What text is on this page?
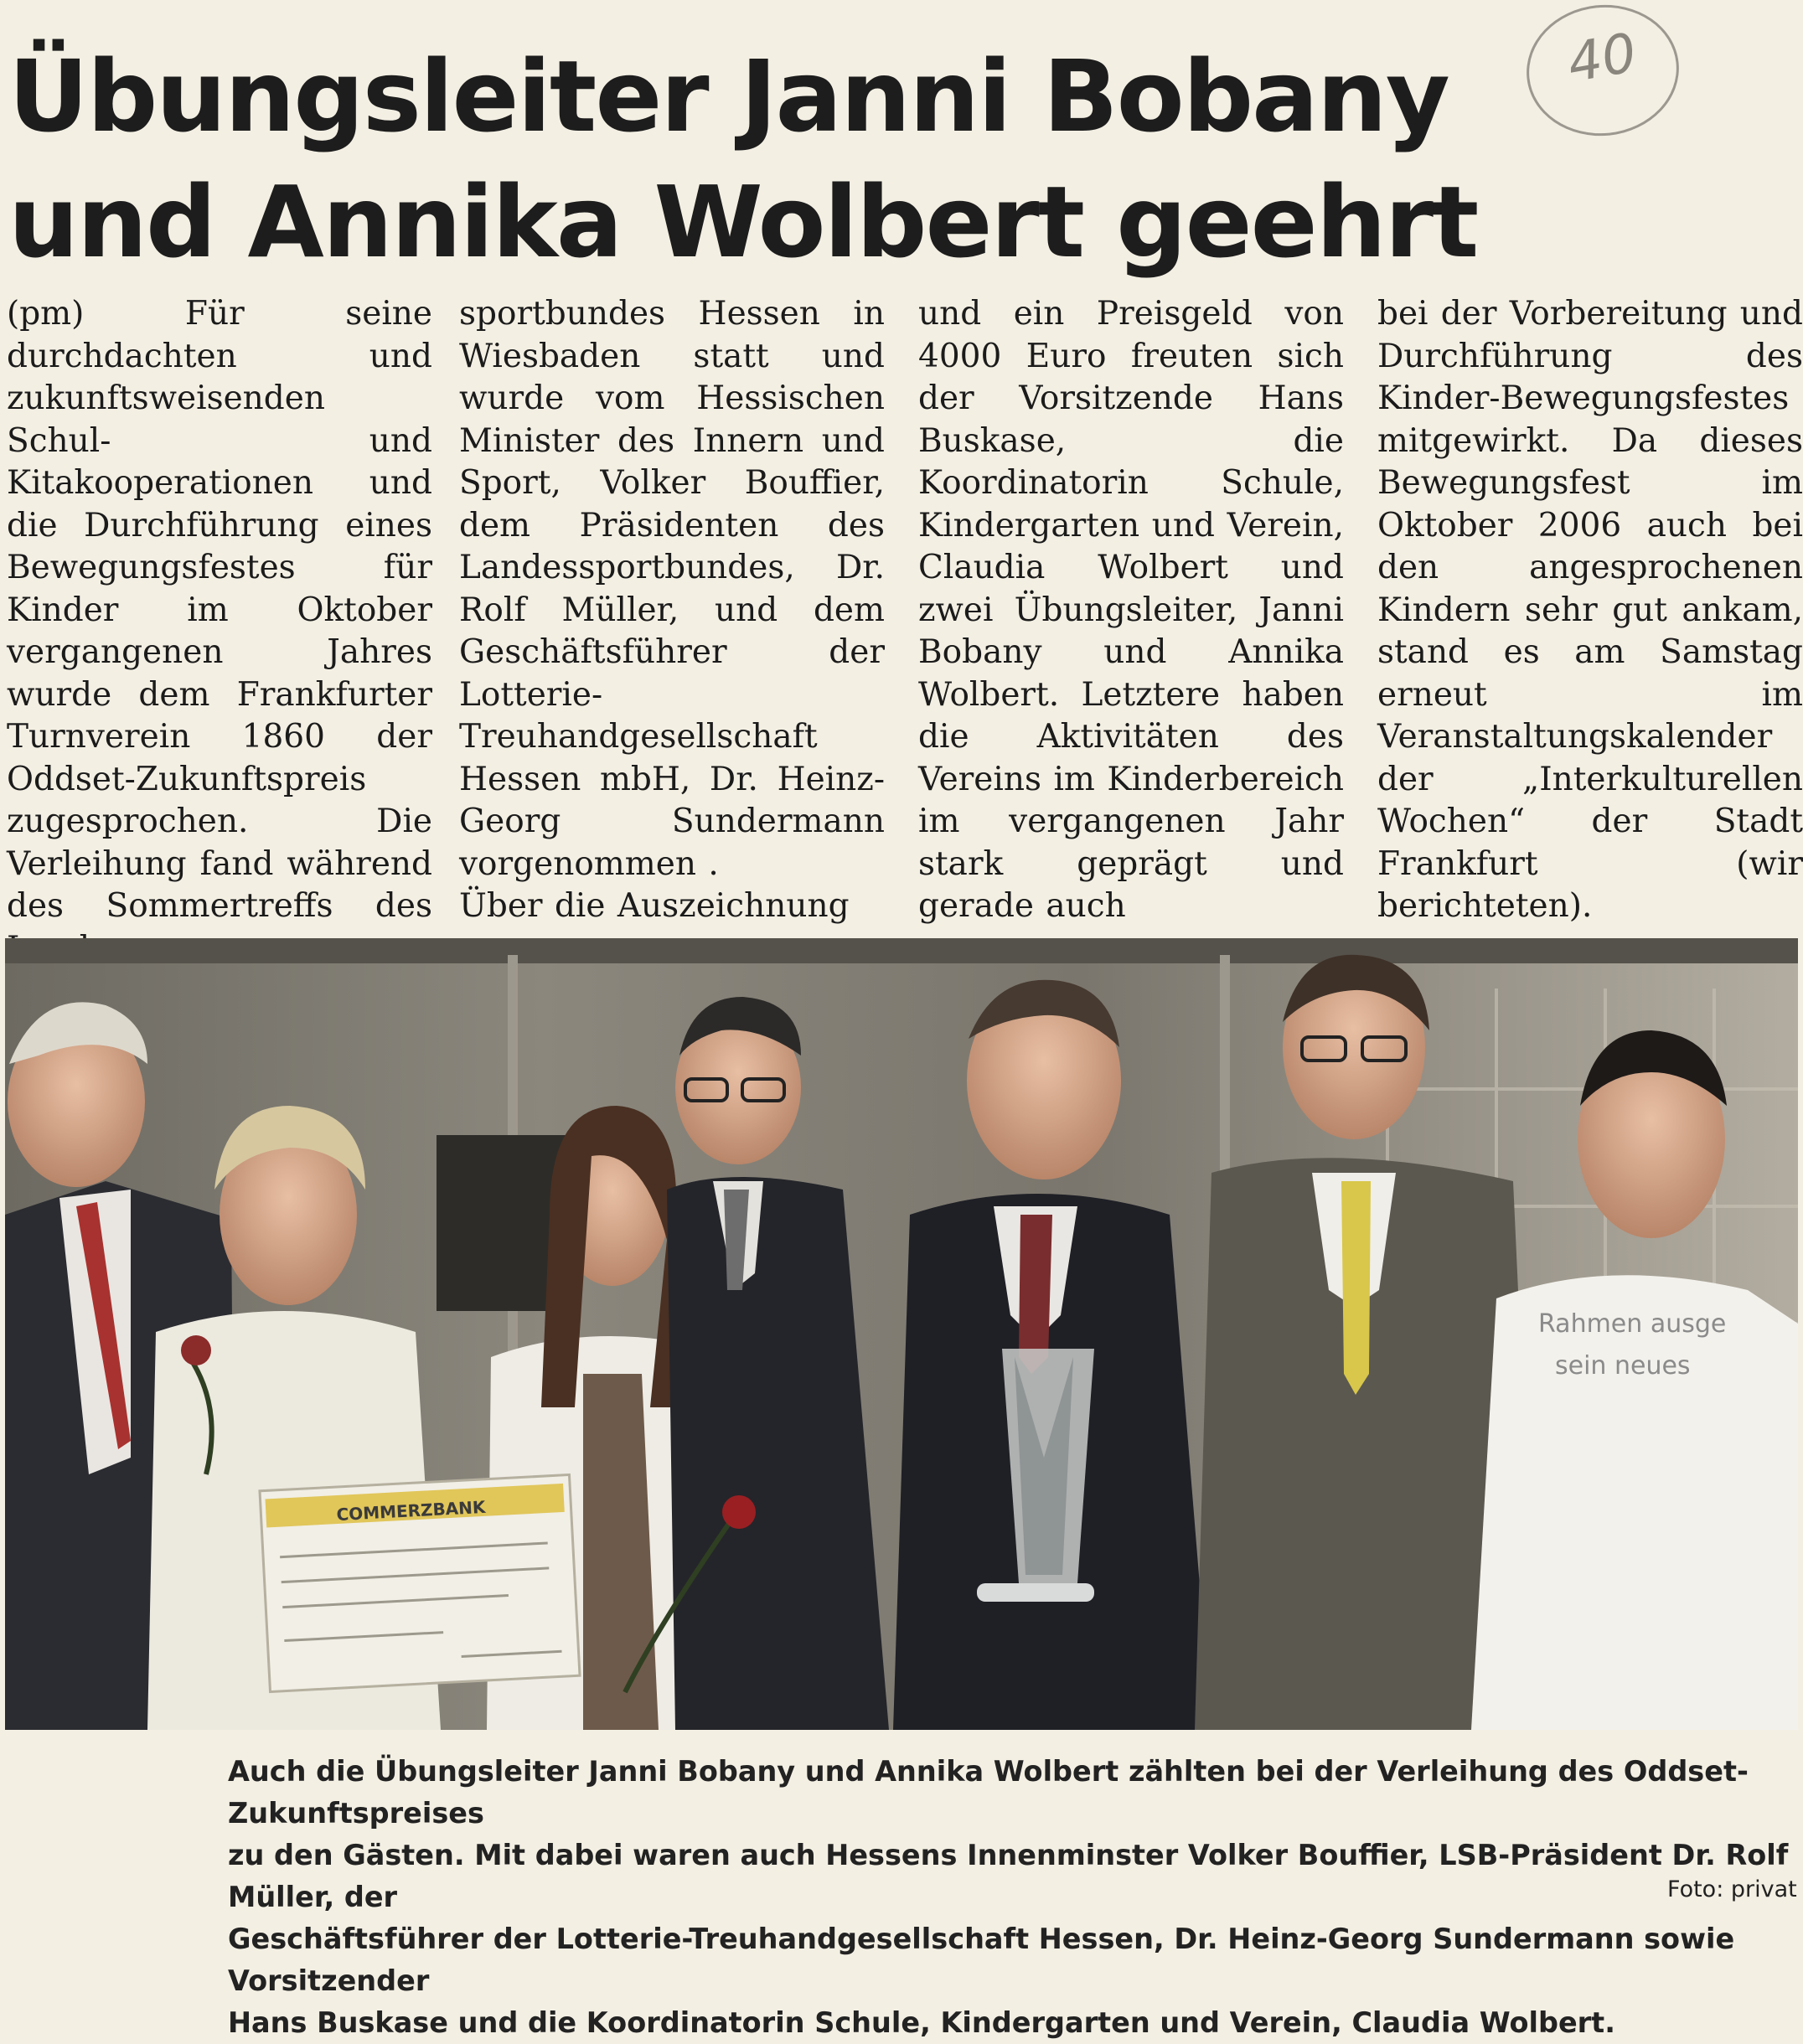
40
Übungsleiter Janni Bobany
und Annika Wolbert geehrt

(pm) Für seine durchdachten und zukunftsweisenden Schul- und Kitakooperationen und die Durchführung eines Bewegungsfestes für Kinder im Oktober vergangenen Jahres wurde dem Frankfurter Turnverein 1860 der Oddset-Zukunftspreis zugesprochen. Die Verleihung fand während des Sommertreffs des

sportbundes Hessen in Wiesbaden statt und wurde vom Hessischen Minister des Innern und Sport, Volker Bouffier, dem Präsidenten des Landessportbundes, Dr. Rolf Müller, und dem Geschäftsführer der Lotterie-Treuhandgesellschaft Hessen mbH, Dr. Heinz-Georg Sundermann vorgenommen .

Über die Auszeichnung

und ein Preisgeld von 4000 Euro freuten sich der Vorsitzende Hans Buskase, die Koordinatorin Schule, Kindergarten und Verein, Claudia Wolbert und zwei Übungsleiter, Janni Bobany und Annika Wolbert. Letztere haben die Aktivitäten des Vereins im Kinderbereich im vergangenen Jahr stark geprägt und gerade auch

bei der Vorbereitung und Durchführung des Kinder-Bewegungsfestes mitgewirkt. Da dieses Bewegungsfest im Oktober 2006 auch bei den angesprochenen Kindern sehr gut ankam, stand es am Samstag erneut im Veranstaltungskalender der „Interkulturellen Wochen“ der Stadt Frankfurt (wir berichteten).

Rahmen ausge
sein neues
COMMERZBANK

Auch die Übungsleiter Janni Bobany und Annika Wolbert zählten bei der Verleihung des Oddset-Zukunftspreises

zu den Gästen. Mit dabei waren auch Hessens Innenminster Volker Bouffier, LSB-Präsident Dr. Rolf Müller, der

Geschäftsführer der Lotterie-Treuhandgesellschaft Hessen, Dr. Heinz-Georg Sundermann sowie Vorsitzender

Hans Buskase und die Koordinatorin Schule, Kindergarten und Verein, Claudia Wolbert.

Foto: privat
